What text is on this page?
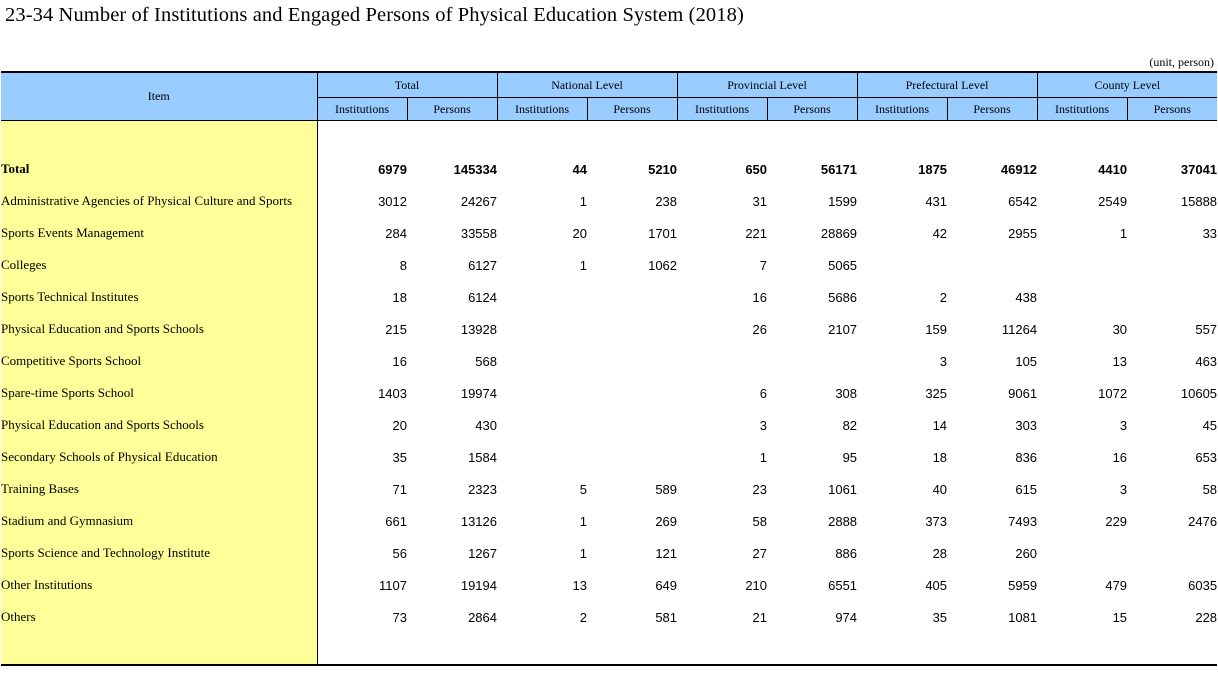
23-34 Number of Institutions and Engaged Persons of Physical Education System (2018)
(unit, person)
Item	Total		National Level		Provincial Level		Prefectural Level		County Level	
	Institutions	Persons	Institutions	Persons	Institutions	Persons	Institutions	Persons	Institutions	Persons

Total	6979	145334	44	5210	650	56171	1875	46912	4410	37041
Administrative Agencies of Physical Culture and Sports	3012	24267	1	238	31	1599	431	6542	2549	15888
Sports Events Management	284	33558	20	1701	221	28869	42	2955	1	33
Colleges	8	6127	1	1062	7	5065				
Sports Technical Institutes	18	6124			16	5686	2	438		
Physical Education and Sports Schools	215	13928			26	2107	159	11264	30	557
Competitive Sports School	16	568					3	105	13	463
Spare-time Sports School	1403	19974			6	308	325	9061	1072	10605
Physical Education and Sports Schools	20	430			3	82	14	303	3	45
Secondary Schools of Physical Education	35	1584			1	95	18	836	16	653
Training Bases	71	2323	5	589	23	1061	40	615	3	58
Stadium and Gymnasium	661	13126	1	269	58	2888	373	7493	229	2476
Sports Science and Technology Institute	56	1267	1	121	27	886	28	260		
Other Institutions	1107	19194	13	649	210	6551	405	5959	479	6035
Others	73	2864	2	581	21	974	35	1081	15	228
